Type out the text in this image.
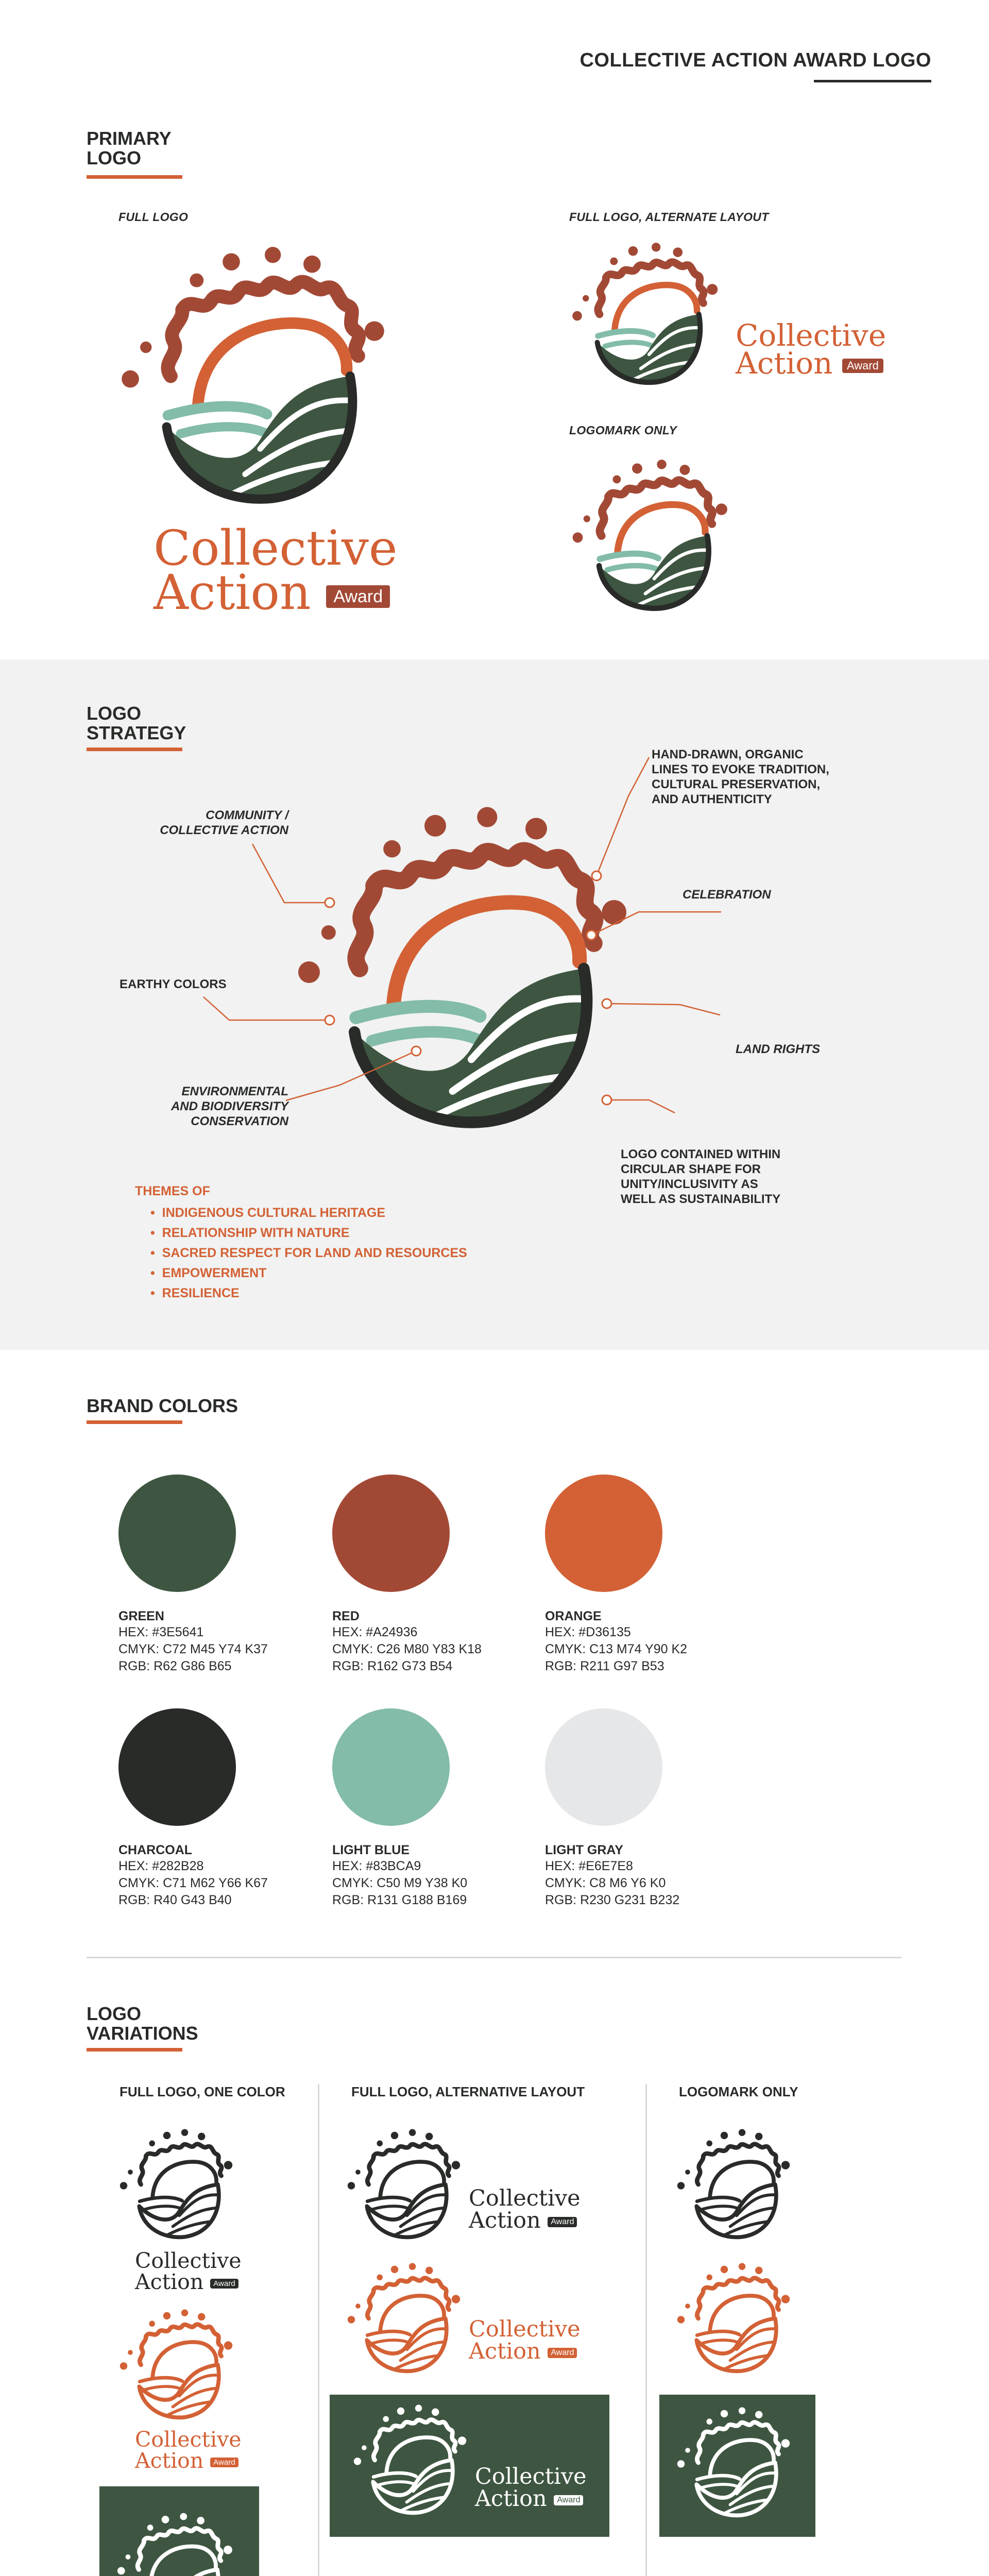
COLLECTIVE ACTION AWARD LOGO
PRIMARY
LOGO
FULL LOGO
Collective
Action Award
FULL LOGO, ALTERNATE LAYOUT
Collective
Action Award
LOGOMARK ONLY
LOGO
STRATEGY
COMMUNITY /
COLLECTIVE ACTION
HAND-DRAWN, ORGANIC
LINES TO EVOKE TRADITION,
CULTURAL PRESERVATION,
AND AUTHENTICITY
CELEBRATION
EARTHY COLORS
LAND RIGHTS
ENVIRONMENTAL
AND BIODIVERSITY
CONSERVATION
LOGO CONTAINED WITHIN
CIRCULAR SHAPE FOR
UNITY/INCLUSIVITY AS
WELL AS SUSTAINABILITY
THEMES OF
•  INDIGENOUS CULTURAL HERITAGE
•  RELATIONSHIP WITH NATURE
•  SACRED RESPECT FOR LAND AND RESOURCES
•  EMPOWERMENT
•  RESILIENCE
BRAND COLORS
GREEN
HEX: #3E5641
CMYK: C72 M45 Y74 K37
RGB: R62 G86 B65
RED
HEX: #A24936
CMYK: C26 M80 Y83 K18
RGB: R162 G73 B54
ORANGE
HEX: #D36135
CMYK: C13 M74 Y90 K2
RGB: R211 G97 B53
CHARCOAL
HEX: #282B28
CMYK: C71 M62 Y66 K67
RGB: R40 G43 B40
LIGHT BLUE
HEX: #83BCA9
CMYK: C50 M9 Y38 K0
RGB: R131 G188 B169
LIGHT GRAY
HEX: #E6E7E8
CMYK: C8 M6 Y6 K0
RGB: R230 G231 B232
LOGO
VARIATIONS
FULL LOGO, ONE COLOR	FULL LOGO, ALTERNATIVE LAYOUT	LOGOMARK ONLY
Collective
Action Award
Collective
Action Award
Collective
Action Award
Collective
Action Award
Collective
Action Award
